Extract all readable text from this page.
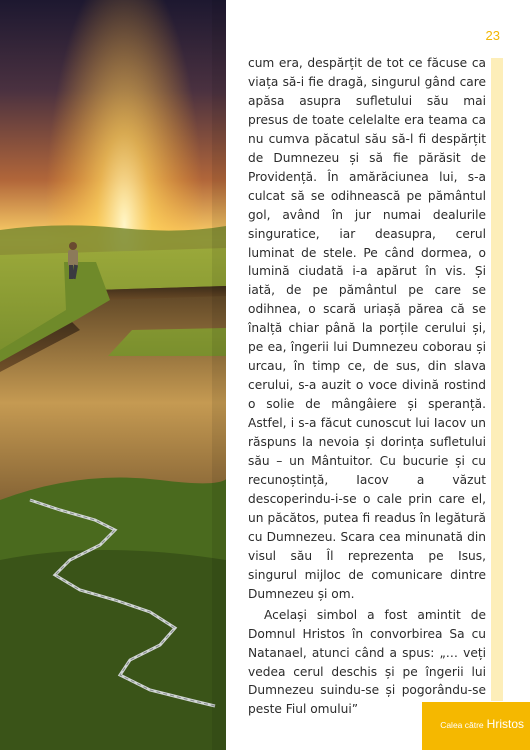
23

cum era, despărțit de tot ce făcuse ca viața să-i fie dragă, singurul gând care apăsa asupra sufletului său mai presus de toate celelalte era teama ca nu cumva păcatul său să-l fi despărțit de Dumnezeu și să fie părăsit de Providență. În amărăciunea lui, s-a culcat să se odihnească pe pământul gol, având în jur numai dealurile singuratice, iar deasupra, cerul luminat de stele. Pe când dormea, o lumină ciudată i-a apărut în vis. Și iată, de pe pământul pe care se odihnea, o scară uriașă părea că se înalță chiar până la porțile cerului și, pe ea, îngerii lui Dumnezeu coborau și urcau, în timp ce, de sus, din slava cerului, s-a auzit o voce divină rostind o solie de mângâiere și speranță. Astfel, i s-a făcut cunoscut lui Iacov un răspuns la nevoia și dorința sufletului său – un Mântuitor. Cu bucurie și cu recunoștință, Iacov a văzut descoperindu-i-se o cale prin care el, un păcătos, putea fi readus în legătură cu Dumnezeu. Scara cea minunată din visul său Îl reprezenta pe Isus, singurul mijloc de comunicare dintre Dumnezeu și om.

Același simbol a fost amintit de Domnul Hristos în convorbirea Sa cu Natanael, atunci când a spus: „… veți vedea cerul deschis și pe îngerii lui Dumnezeu suindu-se și pogorându-se peste Fiul omului”

Calea către Hristos
